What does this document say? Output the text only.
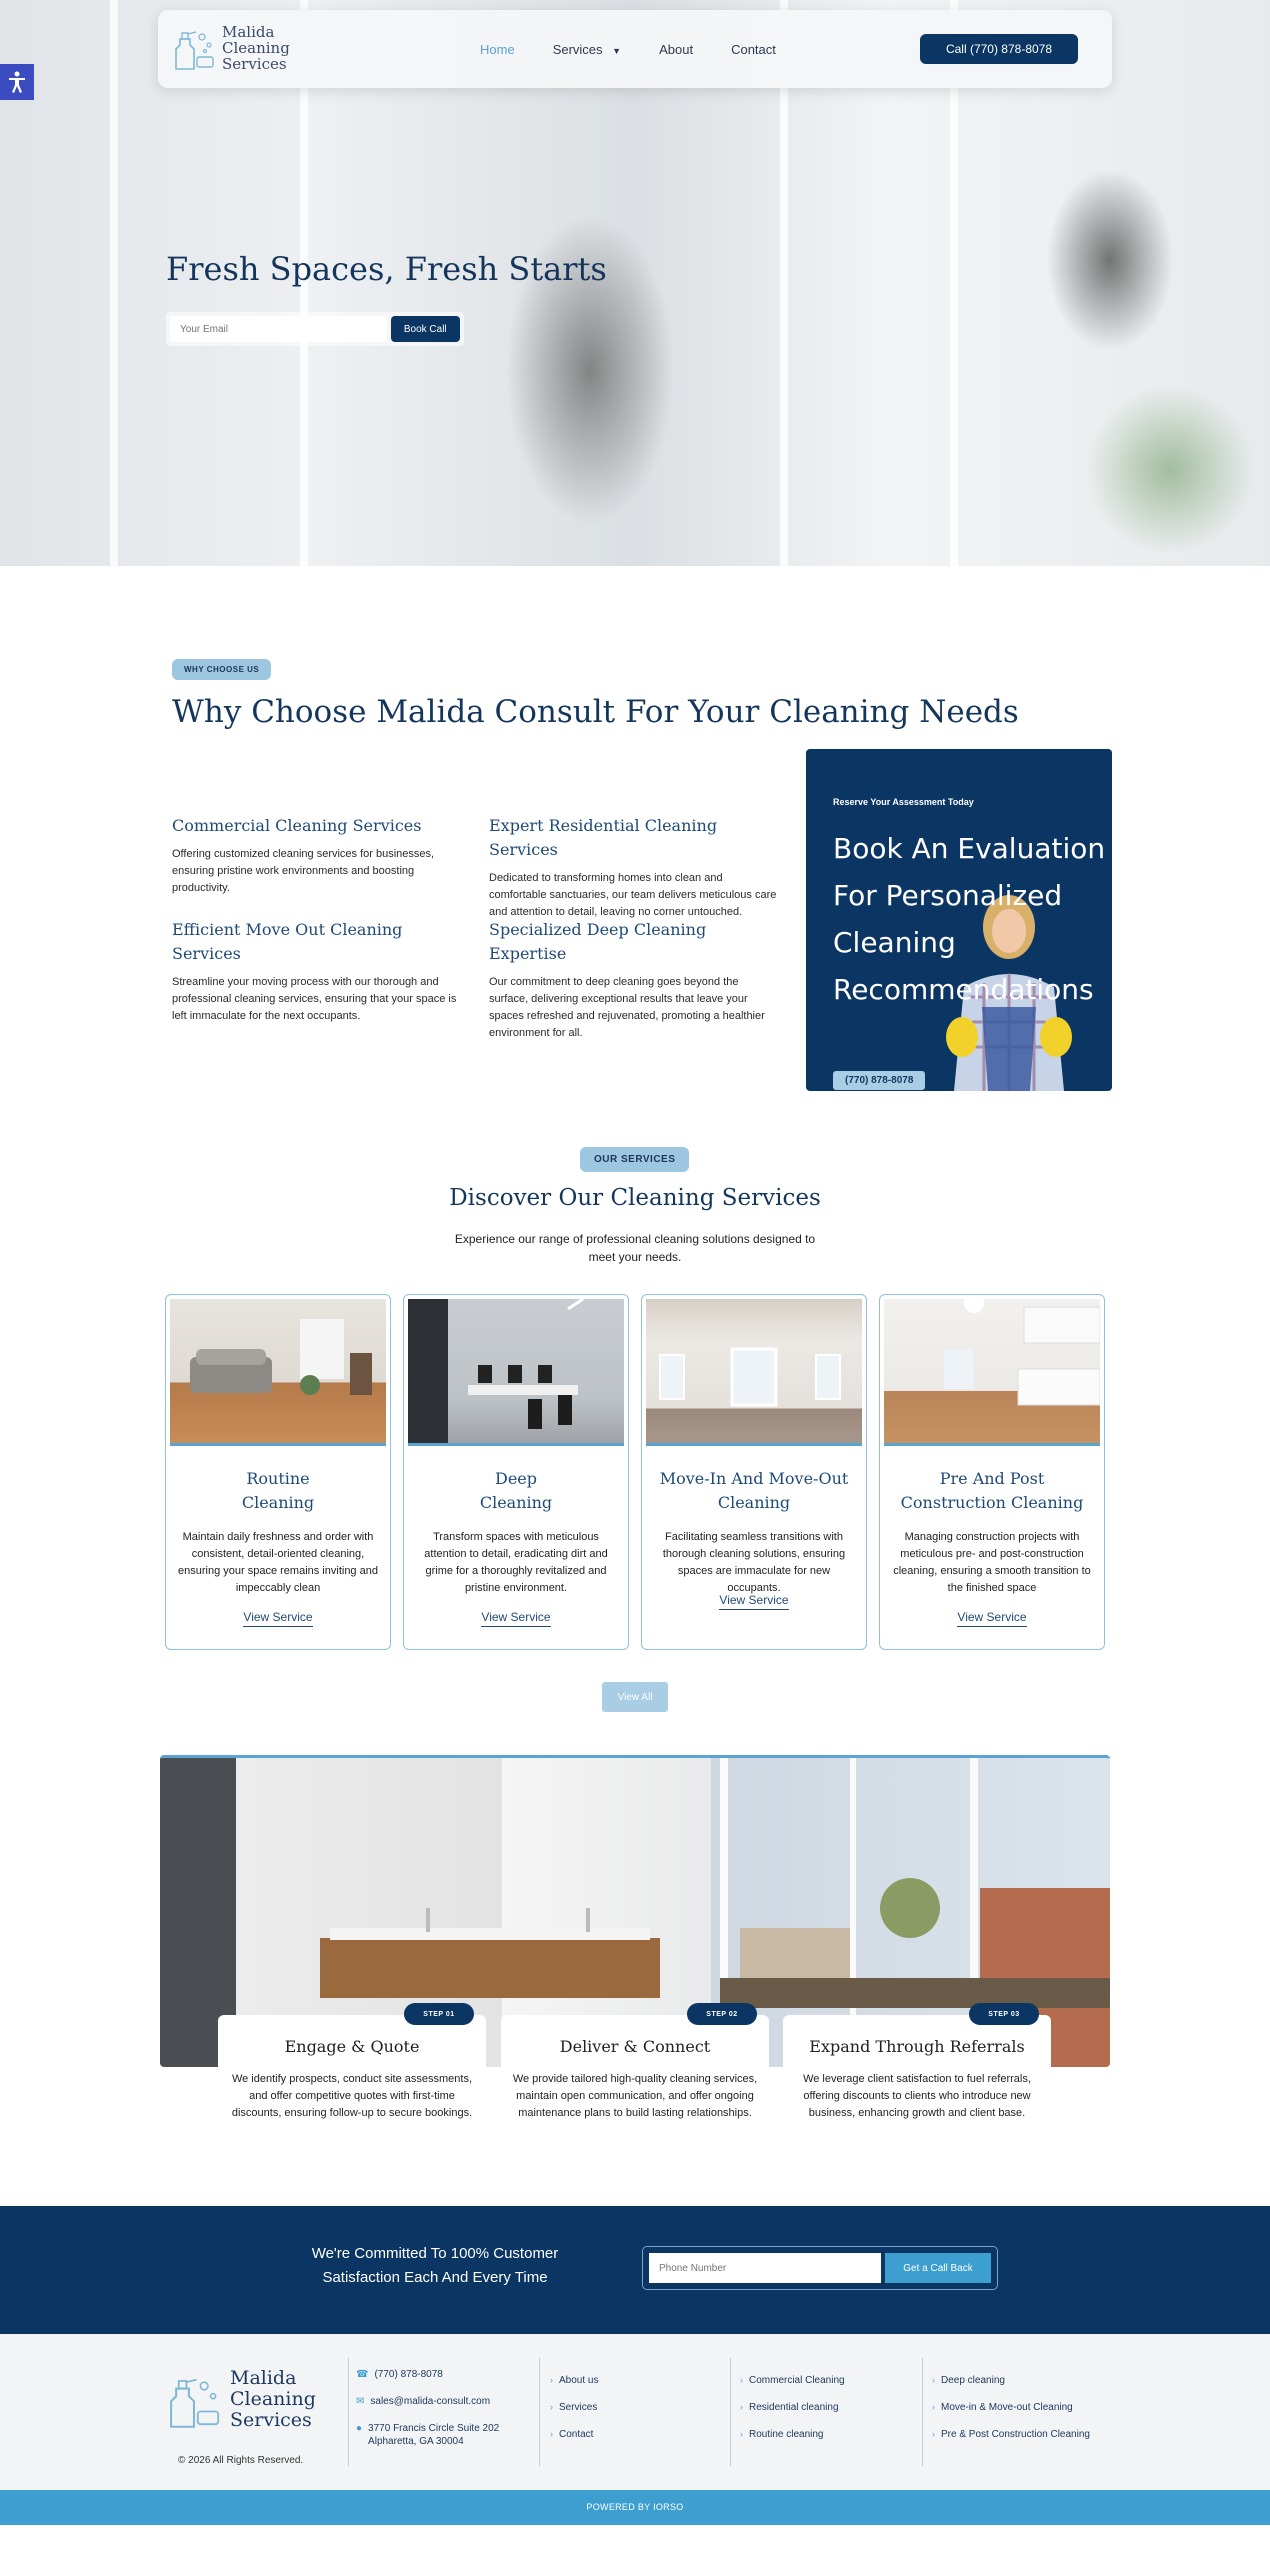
Malida
Cleaning
Services
Home	Services ▼	About	Contact	Call (770) 878-8078
Fresh Spaces, Fresh Starts
Your Email
Book Call
WHY CHOOSE US
Why Choose Malida Consult For Your Cleaning Needs
Commercial Cleaning Services

Offering customized cleaning services for businesses, ensuring pristine work environments and boosting productivity.

Expert Residential Cleaning Services

Dedicated to transforming homes into clean and comfortable sanctuaries, our team delivers meticulous care and attention to detail, leaving no corner untouched.

Efficient Move Out Cleaning Services

Streamline your moving process with our thorough and professional cleaning services, ensuring that your space is left immaculate for the next occupants.

Specialized Deep Cleaning Expertise

Our commitment to deep cleaning goes beyond the surface, delivering exceptional results that leave your spaces refreshed and rejuvenated, promoting a healthier environment for all.

Reserve Your Assessment Today
Book An Evaluation For Personalized Cleaning Recommendations
(770) 878-8078
OUR SERVICES
Discover Our Cleaning Services

Experience our range of professional cleaning solutions designed to meet your needs.

Routine Cleaning

Maintain daily freshness and order with consistent, detail-oriented cleaning, ensuring your space remains inviting and impeccably clean

View Service
Deep Cleaning

Transform spaces with meticulous attention to detail, eradicating dirt and grime for a thoroughly revitalized and pristine environment.

View Service
Move-In And Move-Out Cleaning

Facilitating seamless transitions with thorough cleaning solutions, ensuring spaces are immaculate for new occupants.

View Service
Pre And Post Construction Cleaning

Managing construction projects with meticulous pre- and post-construction cleaning, ensuring a smooth transition to the finished space

View Service
View All
STEP 01
Engage & Quote

We identify prospects, conduct site assessments, and offer competitive quotes with first-time discounts, ensuring follow-up to secure bookings.

STEP 02
Deliver & Connect

We provide tailored high-quality cleaning services, maintain open communication, and offer ongoing maintenance plans to build lasting relationships.

STEP 03
Expand Through Referrals

We leverage client satisfaction to fuel referrals, offering discounts to clients who introduce new business, enhancing growth and client base.

We're Committed To 100% Customer Satisfaction Each And Every Time
Phone Number
Get a Call Back
Malida
Cleaning
Services
© 2026 All Rights Reserved.
☎ (770) 878-8078
✉ sales@malida-consult.com
● 3770 Francis Circle Suite 202
Alpharetta, GA 30004
› About us
› Services
› Contact
› Commercial Cleaning
› Residential cleaning
› Routine cleaning
› Deep cleaning
› Move-in & Move-out Cleaning
› Pre & Post Construction Cleaning
POWERED BY IORSO
